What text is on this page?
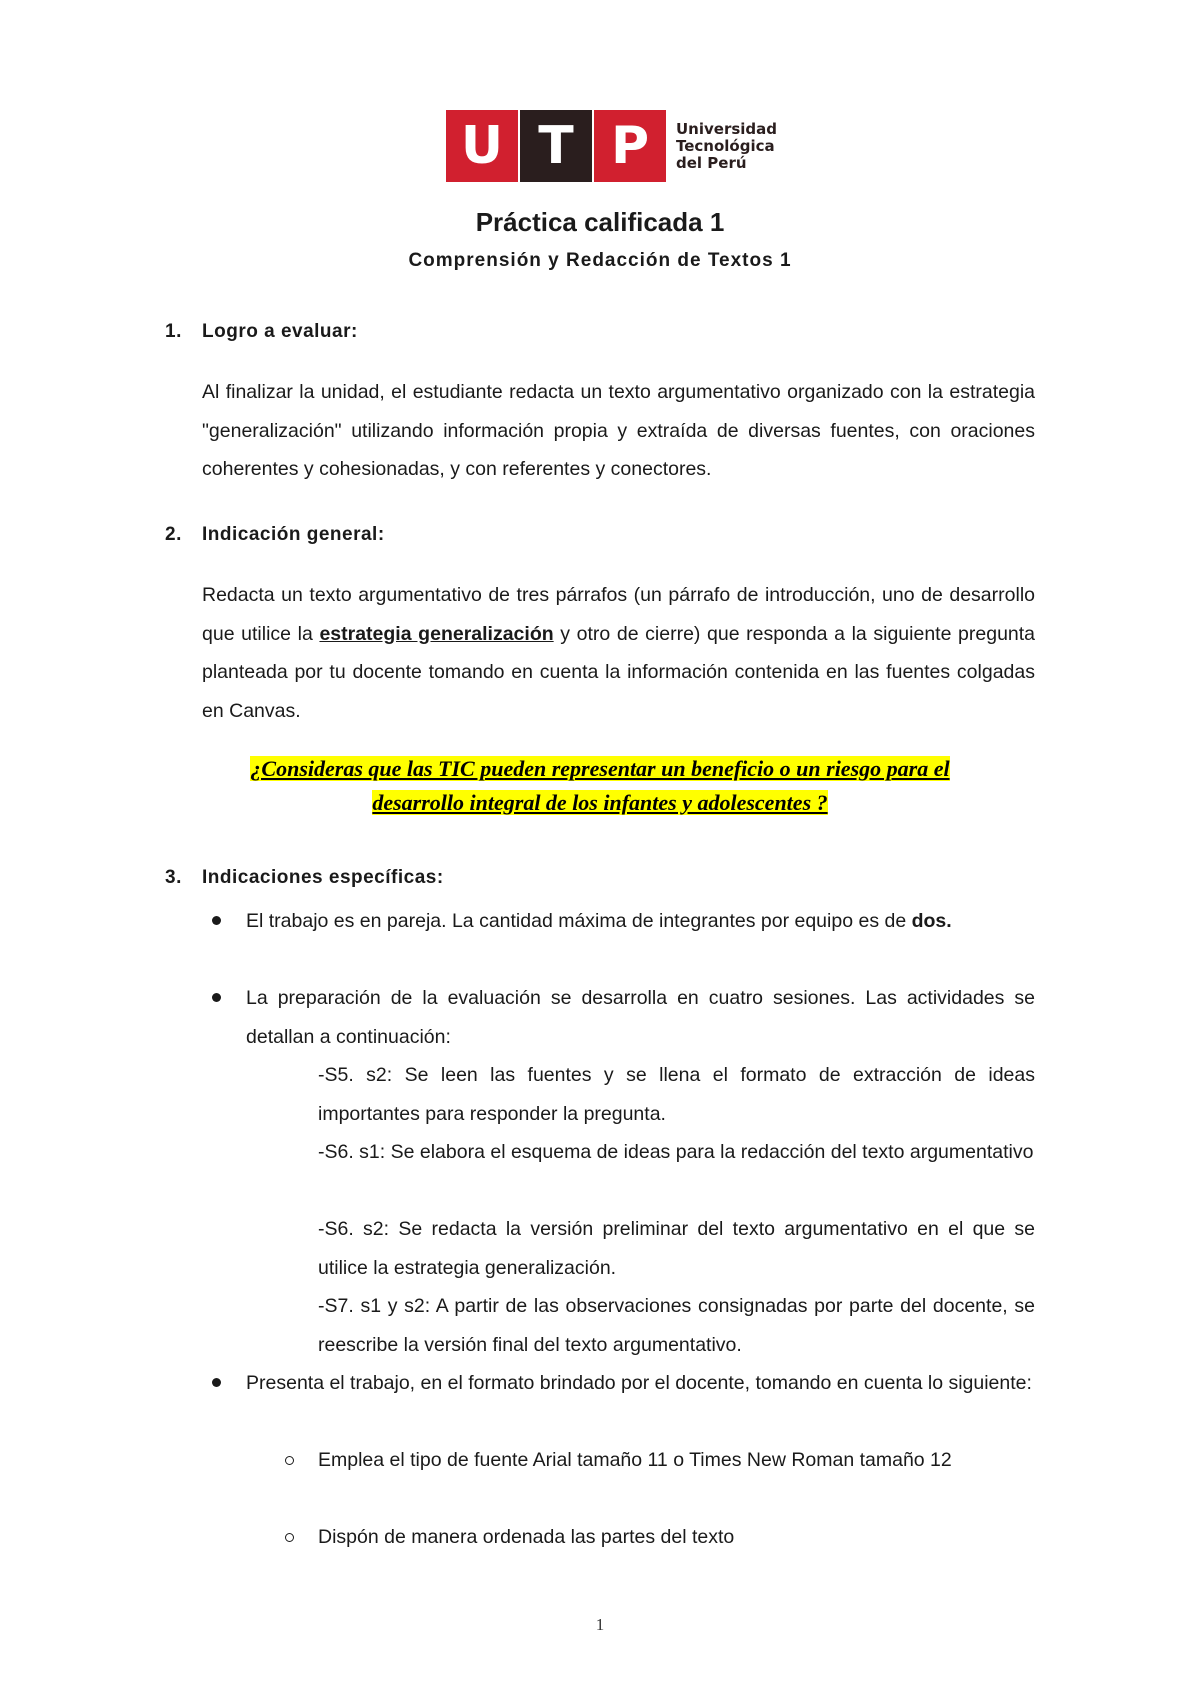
U T P	Universidad
Tecnológica
del Perú
Práctica calificada 1
Comprensión y Redacción de Textos 1
1. Logro a evaluar:
Al finalizar la unidad, el estudiante redacta un texto argumentativo organizado con la estrategia "generalización" utilizando información propia y extraída de diversas fuentes, con oraciones coherentes y cohesionadas, y con referentes y conectores.
2. Indicación general:
Redacta un texto argumentativo de tres párrafos (un párrafo de introducción, uno de desarrollo que utilice la estrategia generalización y otro de cierre) que responda a la siguiente pregunta planteada por tu docente tomando en cuenta la información contenida en las fuentes colgadas en Canvas.
¿Consideras que las TIC pueden representar un beneficio o un riesgo para el
desarrollo integral de los infantes y adolescentes ?
3. Indicaciones específicas:
El trabajo es en pareja. La cantidad máxima de integrantes por equipo es de dos.
La preparación de la evaluación se desarrolla en cuatro sesiones. Las actividades se detallan a continuación:
-S5. s2: Se leen las fuentes y se llena el formato de extracción de ideas importantes para responder la pregunta.
-S6. s1: Se elabora el esquema de ideas para la redacción del texto argumentativo
-S6. s2: Se redacta la versión preliminar del texto argumentativo en el que se utilice la estrategia generalización.
-S7. s1 y s2: A partir de las observaciones consignadas por parte del docente, se reescribe la versión final del texto argumentativo.
Presenta el trabajo, en el formato brindado por el docente, tomando en cuenta lo siguiente:
Emplea el tipo de fuente Arial tamaño 11 o Times New Roman tamaño 12
Dispón de manera ordenada las partes del texto
1
